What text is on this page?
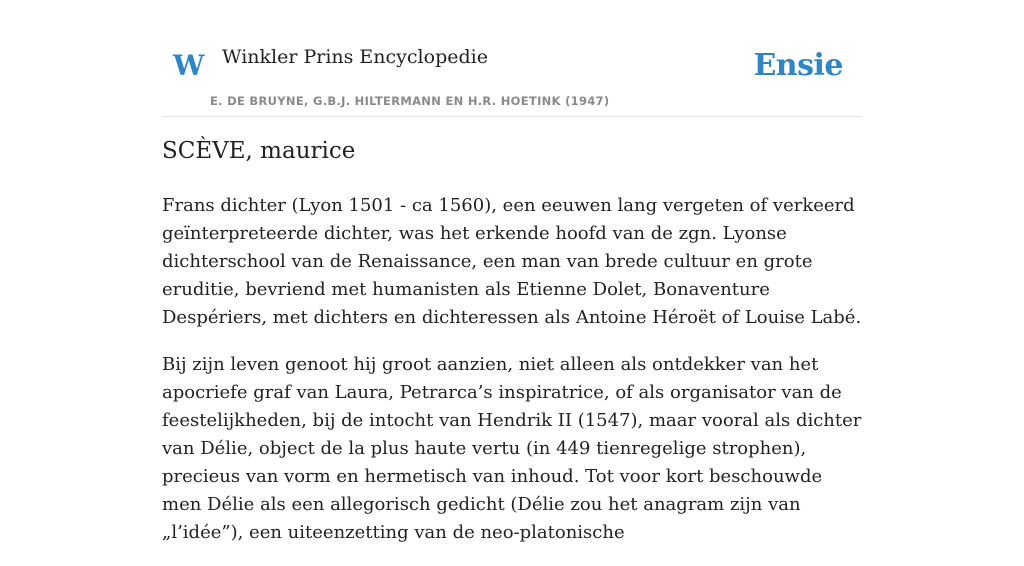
W Winkler Prins Encyclopedie
E. DE BRUYNE, G.B.J. HILTERMANN EN H.R. HOETINK (1947)
Ensie
SCÈVE, maurice

Frans dichter (Lyon 1501 - ca 1560), een eeuwen lang vergeten of verkeerd geïnterpreteerde dichter, was het erkende hoofd van de zgn. Lyonse dichterschool van de Renaissance, een man van brede cultuur en grote eruditie, bevriend met humanisten als Etienne Dolet, Bonaventure Despériers, met dichters en dichteressen als Antoine Héroët of Louise Labé.

Bij zijn leven genoot hij groot aanzien, niet alleen als ontdekker van het apocriefe graf van Laura, Petrarca’s inspiratrice, of als organisator van de feestelijkheden, bij de intocht van Hendrik II (1547), maar vooral als dichter van Délie, object de la plus haute vertu (in 449 tienregelige strophen), precieus van vorm en hermetisch van inhoud. Tot voor kort beschouwde men Délie als een allegorisch gedicht (Délie zou het anagram zijn van „l’idée”), een uiteenzetting van de neo-platonische
